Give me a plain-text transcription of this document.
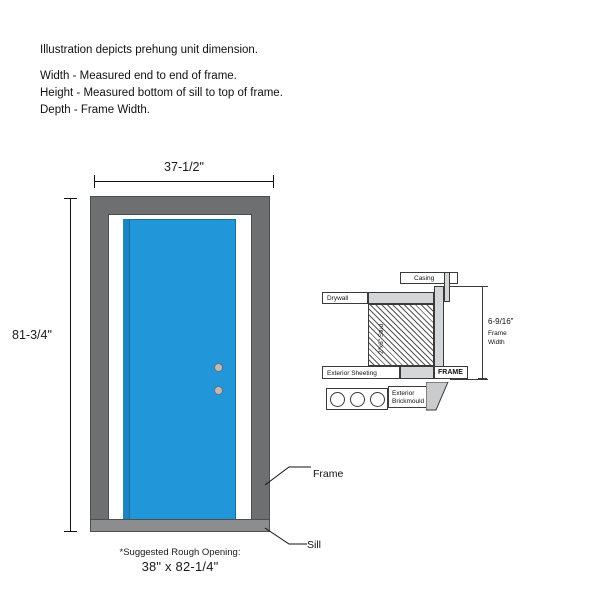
Illustration depicts prehung unit dimension.
Width - Measured end to end of frame.
Height - Measured bottom of sill to top of frame.
Depth - Frame Width.
37-1/2"
81-3/4"
Frame
Sill
*Suggested Rough Opening:
38" x 82-1/4"
Casing
Drywall
2"x6" Stud
Exterior Sheeting	FRAME
Exterior
Brickmould
6-9/16"
Frame
Width
